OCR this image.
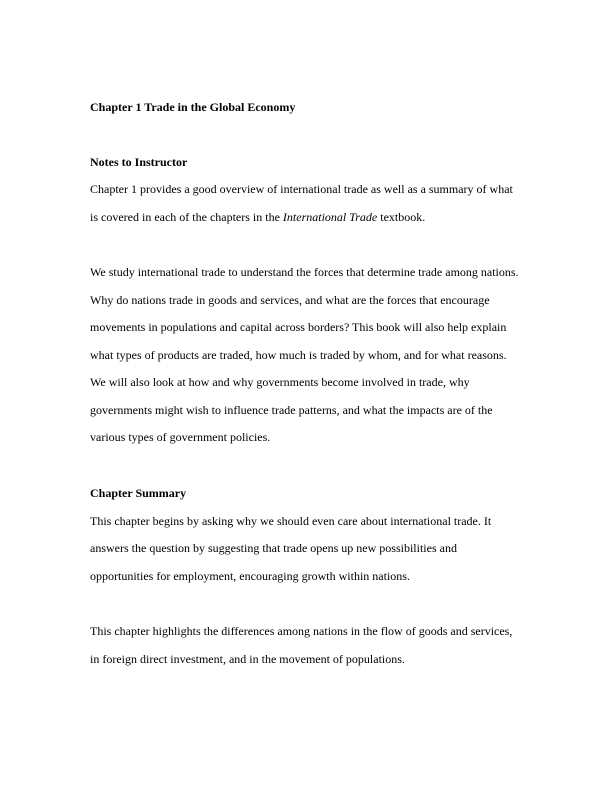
Chapter 1 Trade in the Global Economy

Notes to Instructor

Chapter 1 provides a good overview of international trade as well as a summary of what

is covered in each of the chapters in the International Trade textbook.

We study international trade to understand the forces that determine trade among nations.

Why do nations trade in goods and services, and what are the forces that encourage

movements in populations and capital across borders? This book will also help explain

what types of products are traded, how much is traded by whom, and for what reasons.

We will also look at how and why governments become involved in trade, why

governments might wish to influence trade patterns, and what the impacts are of the

various types of government policies.

Chapter Summary

This chapter begins by asking why we should even care about international trade. It

answers the question by suggesting that trade opens up new possibilities and

opportunities for employment, encouraging growth within nations.

This chapter highlights the differences among nations in the flow of goods and services,

in foreign direct investment, and in the movement of populations.
